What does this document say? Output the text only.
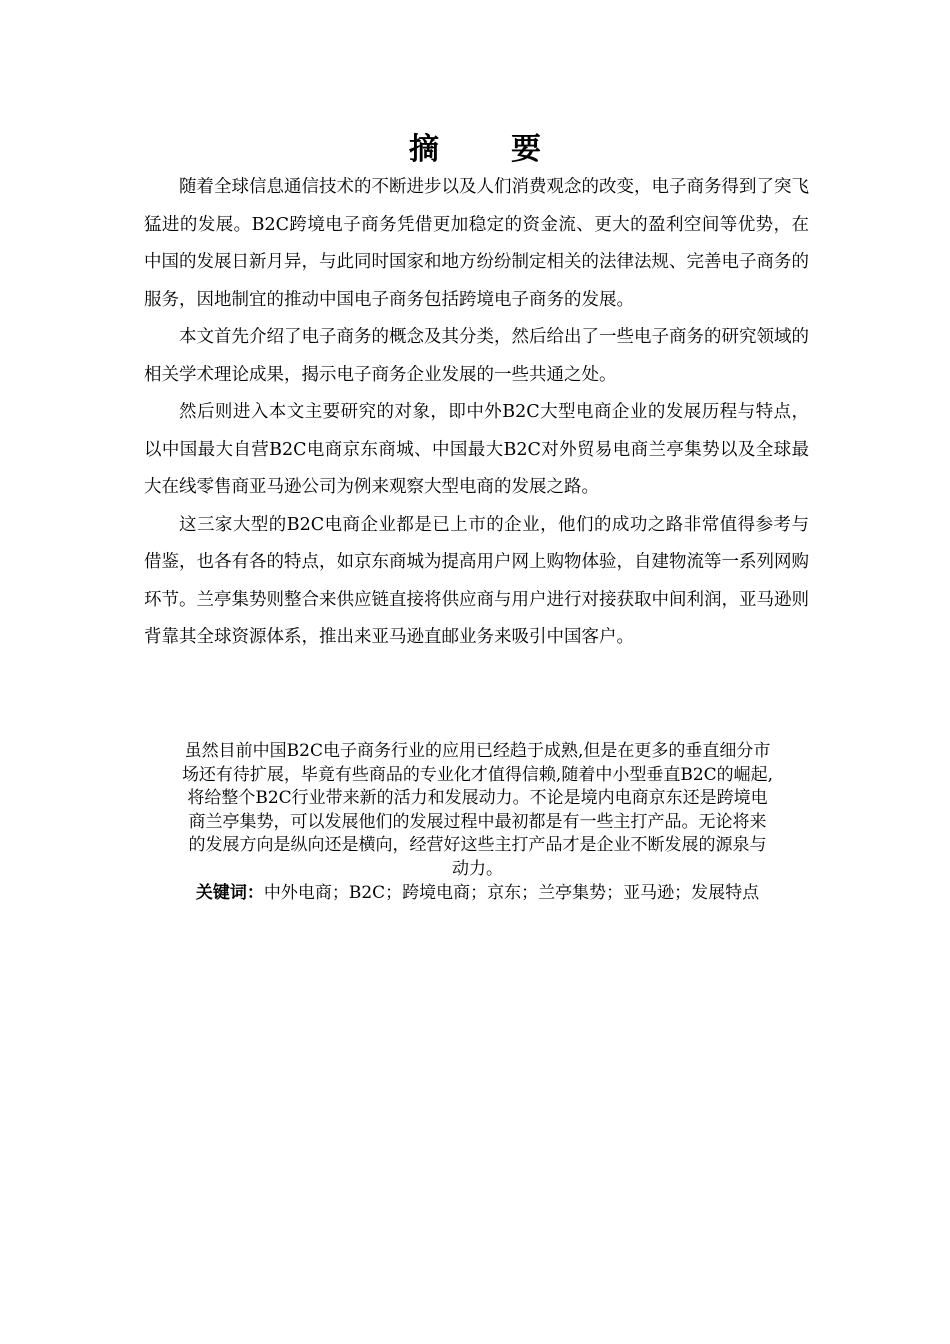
摘 要

随着全球信息通信技术的不断进步以及人们消费观念的改变，电子商务得到了突飞猛进的发展。B2C跨境电子商务凭借更加稳定的资金流、更大的盈利空间等优势，在中国的发展日新月异，与此同时国家和地方纷纷制定相关的法律法规、完善电子商务的服务，因地制宜的推动中国电子商务包括跨境电子商务的发展。

本文首先介绍了电子商务的概念及其分类，然后给出了一些电子商务的研究领域的相关学术理论成果，揭示电子商务企业发展的一些共通之处。

然后则进入本文主要研究的对象，即中外B2C大型电商企业的发展历程与特点，以中国最大自营B2C电商京东商城、中国最大B2C对外贸易电商兰亭集势以及全球最大在线零售商亚马逊公司为例来观察大型电商的发展之路。

这三家大型的B2C电商企业都是已上市的企业，他们的成功之路非常值得参考与借鉴，也各有各的特点，如京东商城为提高用户网上购物体验，自建物流等一系列网购环节。兰亭集势则整合来供应链直接将供应商与用户进行对接获取中间利润，亚马逊则背靠其全球资源体系，推出来亚马逊直邮业务来吸引中国客户。

虽然目前中国B2C电子商务行业的应用已经趋于成熟,但是在更多的垂直细分市

场还有待扩展，毕竟有些商品的专业化才值得信赖,随着中小型垂直B2C的崛起,

将给整个B2C行业带来新的活力和发展动力。不论是境内电商京东还是跨境电

商兰亭集势，可以发展他们的发展过程中最初都是有一些主打产品。无论将来

的发展方向是纵向还是横向，经营好这些主打产品才是企业不断发展的源泉与

动力。

关键词：中外电商；B2C；跨境电商；京东；兰亭集势；亚马逊；发展特点
